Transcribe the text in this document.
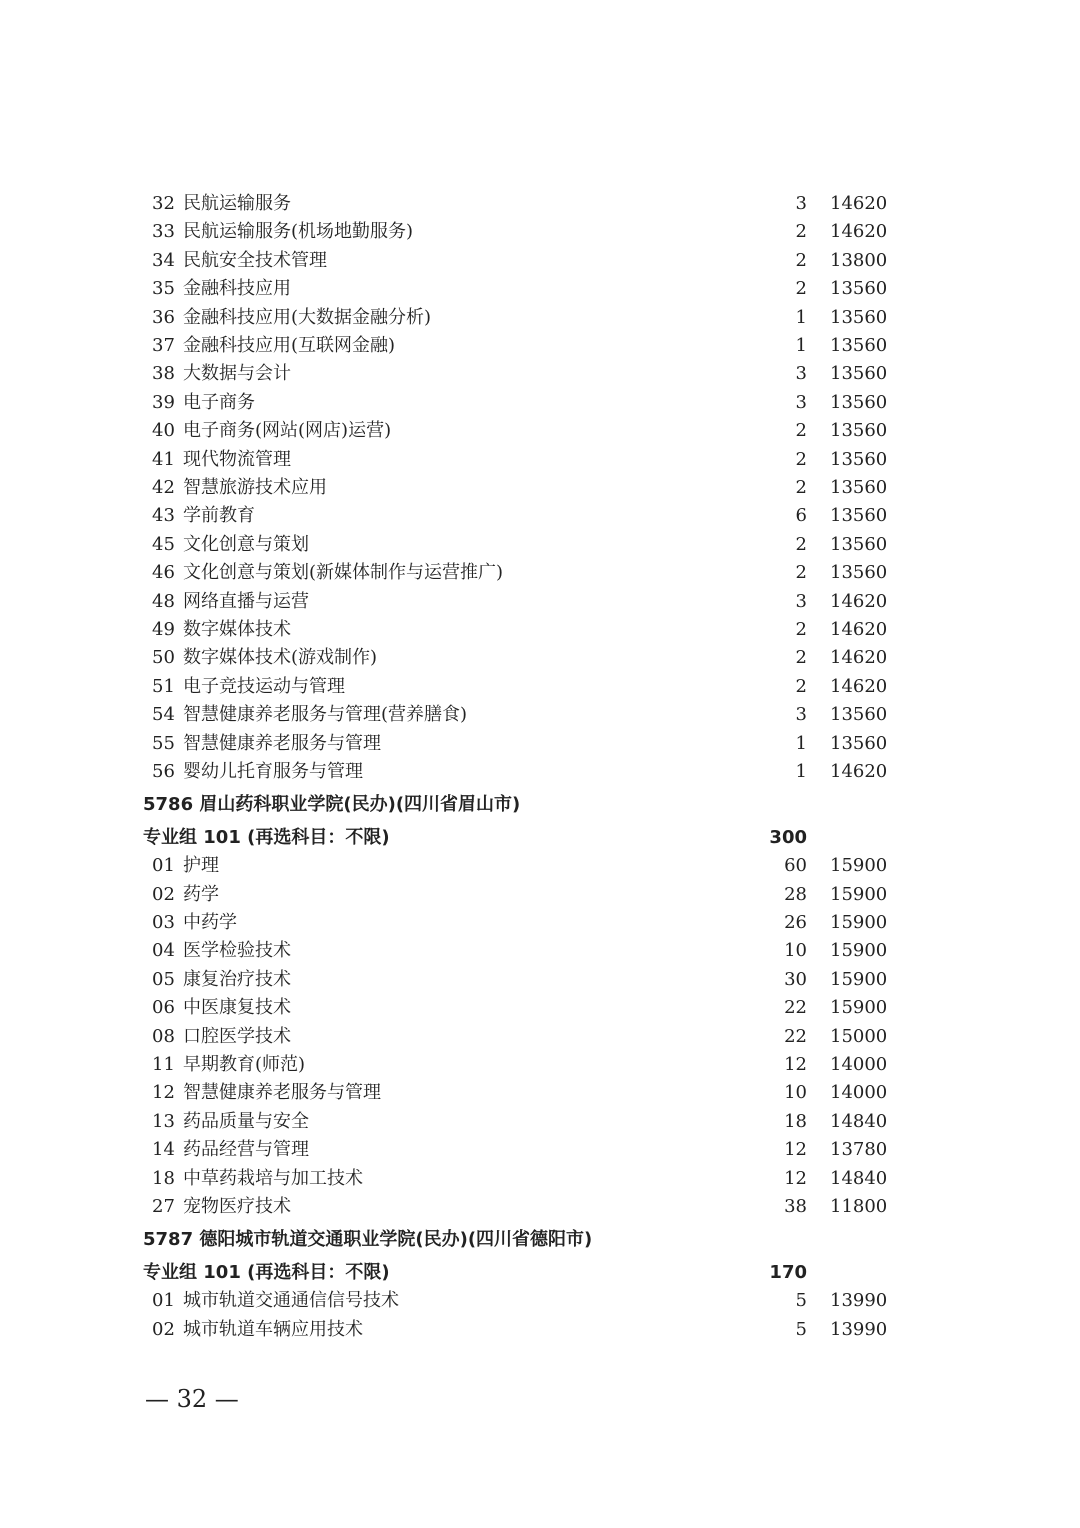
32 民航运输服务	3 14620
33 民航运输服务(机场地勤服务)	2 14620
34 民航安全技术管理	2 13800
35 金融科技应用	2 13560
36 金融科技应用(大数据金融分析)	1 13560
37 金融科技应用(互联网金融)	1 13560
38 大数据与会计	3 13560
39 电子商务	3 13560
40 电子商务(网站(网店)运营)	2 13560
41 现代物流管理	2 13560
42 智慧旅游技术应用	2 13560
43 学前教育	6 13560
45 文化创意与策划	2 13560
46 文化创意与策划(新媒体制作与运营推广)	2 13560
48 网络直播与运营	3 14620
49 数字媒体技术	2 14620
50 数字媒体技术(游戏制作)	2 14620
51 电子竞技运动与管理	2 14620
54 智慧健康养老服务与管理(营养膳食)	3 13560
55 智慧健康养老服务与管理	1 13560
56 婴幼儿托育服务与管理	1 14620
5786 眉山药科职业学院(民办)(四川省眉山市)
专业组 101 (再选科目：不限)	300
01 护理	60 15900
02 药学	28 15900
03 中药学	26 15900
04 医学检验技术	10 15900
05 康复治疗技术	30 15900
06 中医康复技术	22 15900
08 口腔医学技术	22 15000
11 早期教育(师范)	12 14000
12 智慧健康养老服务与管理	10 14000
13 药品质量与安全	18 14840
14 药品经营与管理	12 13780
18 中草药栽培与加工技术	12 14840
27 宠物医疗技术	38 11800
5787 德阳城市轨道交通职业学院(民办)(四川省德阳市)
专业组 101 (再选科目：不限)	170
01 城市轨道交通通信信号技术	5 13990
02 城市轨道车辆应用技术	5 13990
— 32 —
